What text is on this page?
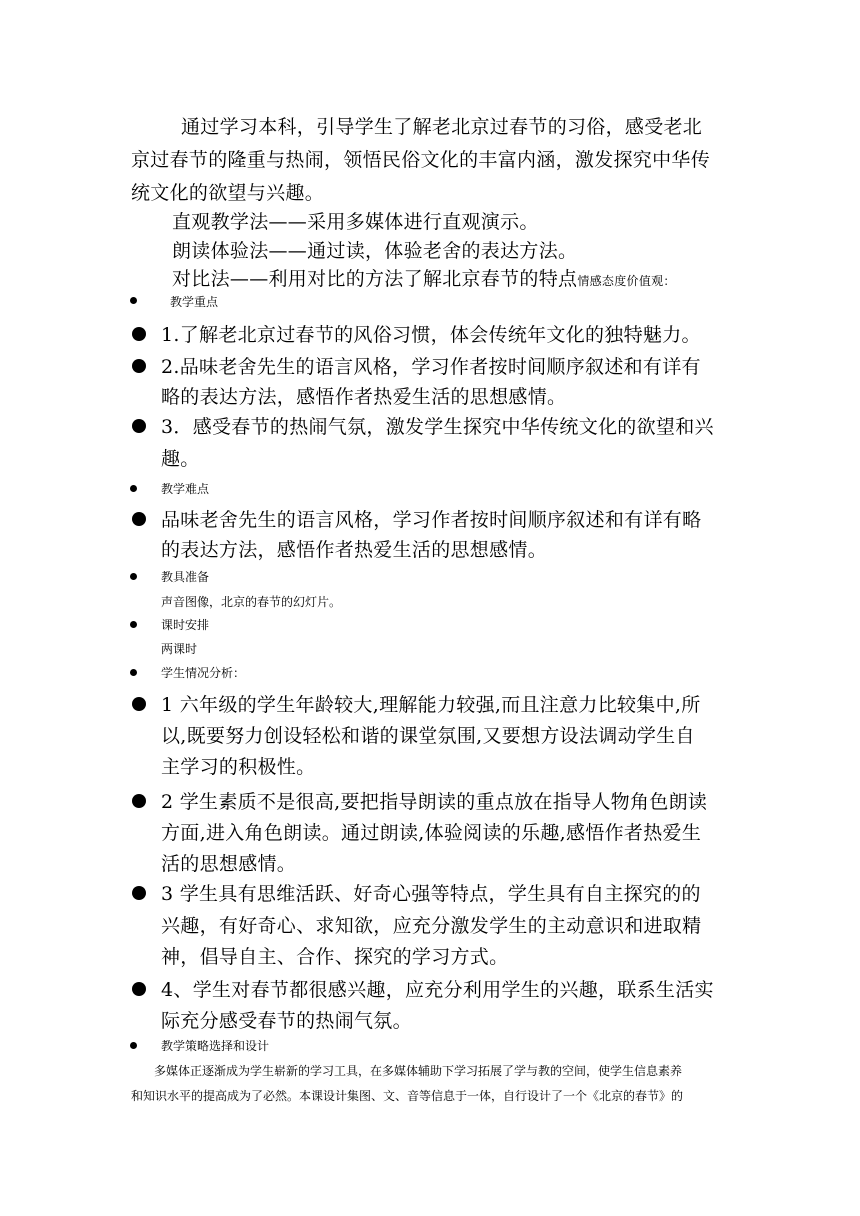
通过学习本科，引导学生了解老北京过春节的习俗，感受老北
京过春节的隆重与热闹，领悟民俗文化的丰富内涵，激发探究中华传
统文化的欲望与兴趣。
直观教学法——采用多媒体进行直观演示。
朗读体验法——通过读，体验老舍的表达方法。
对比法——利用对比的方法了解北京春节的特点情感态度价值观：
教学重点
1.了解老北京过春节的风俗习惯，体会传统年文化的独特魅力。
2.品味老舍先生的语言风格，学习作者按时间顺序叙述和有详有
略的表达方法，感悟作者热爱生活的思想感情。
3．感受春节的热闹气氛，激发学生探究中华传统文化的欲望和兴
趣。
教学难点
品味老舍先生的语言风格，学习作者按时间顺序叙述和有详有略
的表达方法，感悟作者热爱生活的思想感情。
教具准备
声音图像，北京的春节的幻灯片。
课时安排
两课时
学生情况分析：
1 六年级的学生年龄较大,理解能力较强,而且注意力比较集中,所
以,既要努力创设轻松和谐的课堂氛围,又要想方设法调动学生自
主学习的积极性。
2 学生素质不是很高,要把指导朗读的重点放在指导人物角色朗读
方面,进入角色朗读。通过朗读,体验阅读的乐趣,感悟作者热爱生
活的思想感情。
3 学生具有思维活跃、好奇心强等特点，学生具有自主探究的的
兴趣，有好奇心、求知欲，应充分激发学生的主动意识和进取精
神，倡导自主、合作、探究的学习方式。
4、学生对春节都很感兴趣，应充分利用学生的兴趣，联系生活实
际充分感受春节的热闹气氛。
教学策略选择和设计
多媒体正逐渐成为学生崭新的学习工具，在多媒体辅助下学习拓展了学与教的空间，使学生信息素养
和知识水平的提高成为了必然。本课设计集图、文、音等信息于一体，自行设计了一个《北京的春节》的
